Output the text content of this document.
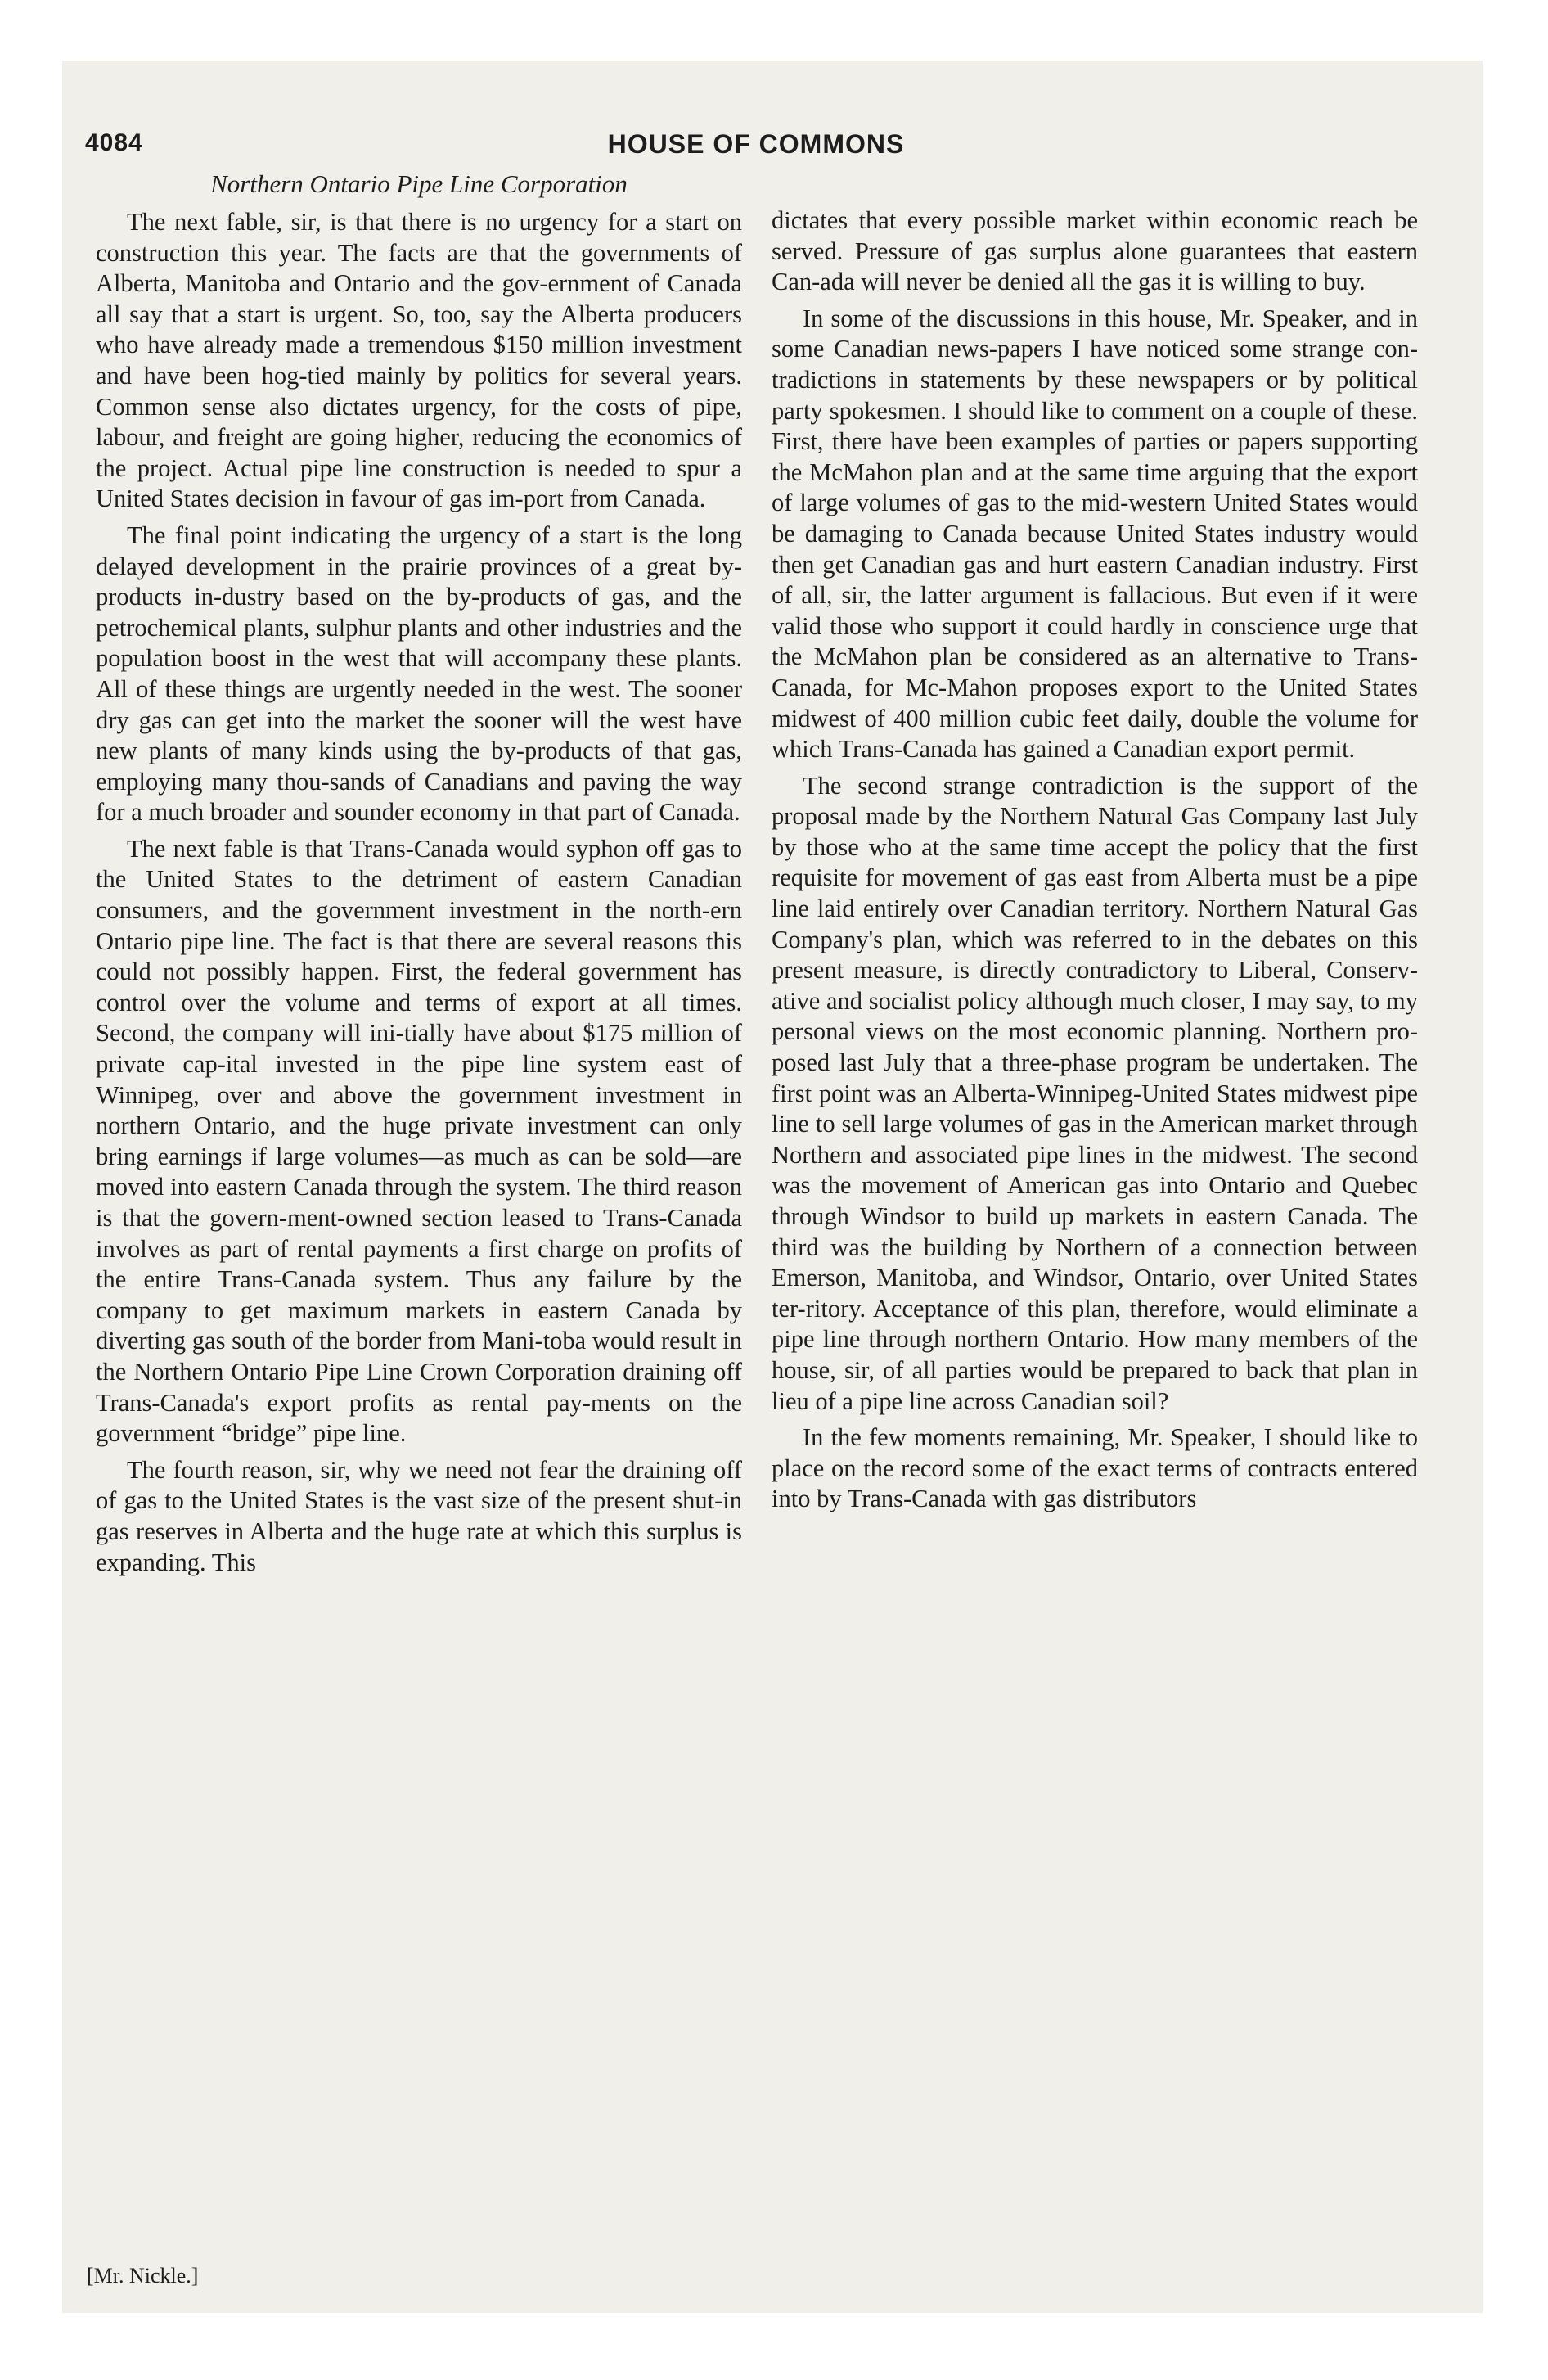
4084	HOUSE OF COMMONS

Northern Ontario Pipe Line Corporation

The next fable, sir, is that there is no urgency for a start on construction this year. The facts are that the governments of Alberta, Manitoba and Ontario and the gov-ernment of Canada all say that a start is urgent. So, too, say the Alberta producers who have already made a tremendous $150 million investment and have been hog-tied mainly by politics for several years. Common sense also dictates urgency, for the costs of pipe, labour, and freight are going higher, reducing the economics of the project. Actual pipe line construction is needed to spur a United States decision in favour of gas im-port from Canada.

The final point indicating the urgency of a start is the long delayed development in the prairie provinces of a great by-products in-dustry based on the by-products of gas, and the petrochemical plants, sulphur plants and other industries and the population boost in the west that will accompany these plants. All of these things are urgently needed in the west. The sooner dry gas can get into the market the sooner will the west have new plants of many kinds using the by-products of that gas, employing many thou-sands of Canadians and paving the way for a much broader and sounder economy in that part of Canada.

The next fable is that Trans-Canada would syphon off gas to the United States to the detriment of eastern Canadian consumers, and the government investment in the north-ern Ontario pipe line. The fact is that there are several reasons this could not possibly happen. First, the federal government has control over the volume and terms of export at all times. Second, the company will ini-tially have about $175 million of private cap-ital invested in the pipe line system east of Winnipeg, over and above the government investment in northern Ontario, and the huge private investment can only bring earnings if large volumes—as much as can be sold—are moved into eastern Canada through the system. The third reason is that the govern-ment-owned section leased to Trans-Canada involves as part of rental payments a first charge on profits of the entire Trans-Canada system. Thus any failure by the company to get maximum markets in eastern Canada by diverting gas south of the border from Mani-toba would result in the Northern Ontario Pipe Line Crown Corporation draining off Trans-Canada's export profits as rental pay-ments on the government “bridge” pipe line.

The fourth reason, sir, why we need not fear the draining off of gas to the United States is the vast size of the present shut-in gas reserves in Alberta and the huge rate at which this surplus is expanding. This

dictates that every possible market within economic reach be served. Pressure of gas surplus alone guarantees that eastern Can-ada will never be denied all the gas it is willing to buy.

In some of the discussions in this house, Mr. Speaker, and in some Canadian news-papers I have noticed some strange con-tradictions in statements by these newspapers or by political party spokesmen. I should like to comment on a couple of these. First, there have been examples of parties or papers supporting the McMahon plan and at the same time arguing that the export of large volumes of gas to the mid-western United States would be damaging to Canada because United States industry would then get Canadian gas and hurt eastern Canadian industry. First of all, sir, the latter argument is fallacious. But even if it were valid those who support it could hardly in conscience urge that the McMahon plan be considered as an alternative to Trans-Canada, for Mc-Mahon proposes export to the United States midwest of 400 million cubic feet daily, double the volume for which Trans-Canada has gained a Canadian export permit.

The second strange contradiction is the support of the proposal made by the Northern Natural Gas Company last July by those who at the same time accept the policy that the first requisite for movement of gas east from Alberta must be a pipe line laid entirely over Canadian territory. Northern Natural Gas Company's plan, which was referred to in the debates on this present measure, is directly contradictory to Liberal, Conserv-ative and socialist policy although much closer, I may say, to my personal views on the most economic planning. Northern pro-posed last July that a three-phase program be undertaken. The first point was an Alberta-Winnipeg-United States midwest pipe line to sell large volumes of gas in the American market through Northern and associated pipe lines in the midwest. The second was the movement of American gas into Ontario and Quebec through Windsor to build up markets in eastern Canada. The third was the building by Northern of a connection between Emerson, Manitoba, and Windsor, Ontario, over United States ter-ritory. Acceptance of this plan, therefore, would eliminate a pipe line through northern Ontario. How many members of the house, sir, of all parties would be prepared to back that plan in lieu of a pipe line across Canadian soil?

In the few moments remaining, Mr. Speaker, I should like to place on the record some of the exact terms of contracts entered into by Trans-Canada with gas distributors

[Mr. Nickle.]
